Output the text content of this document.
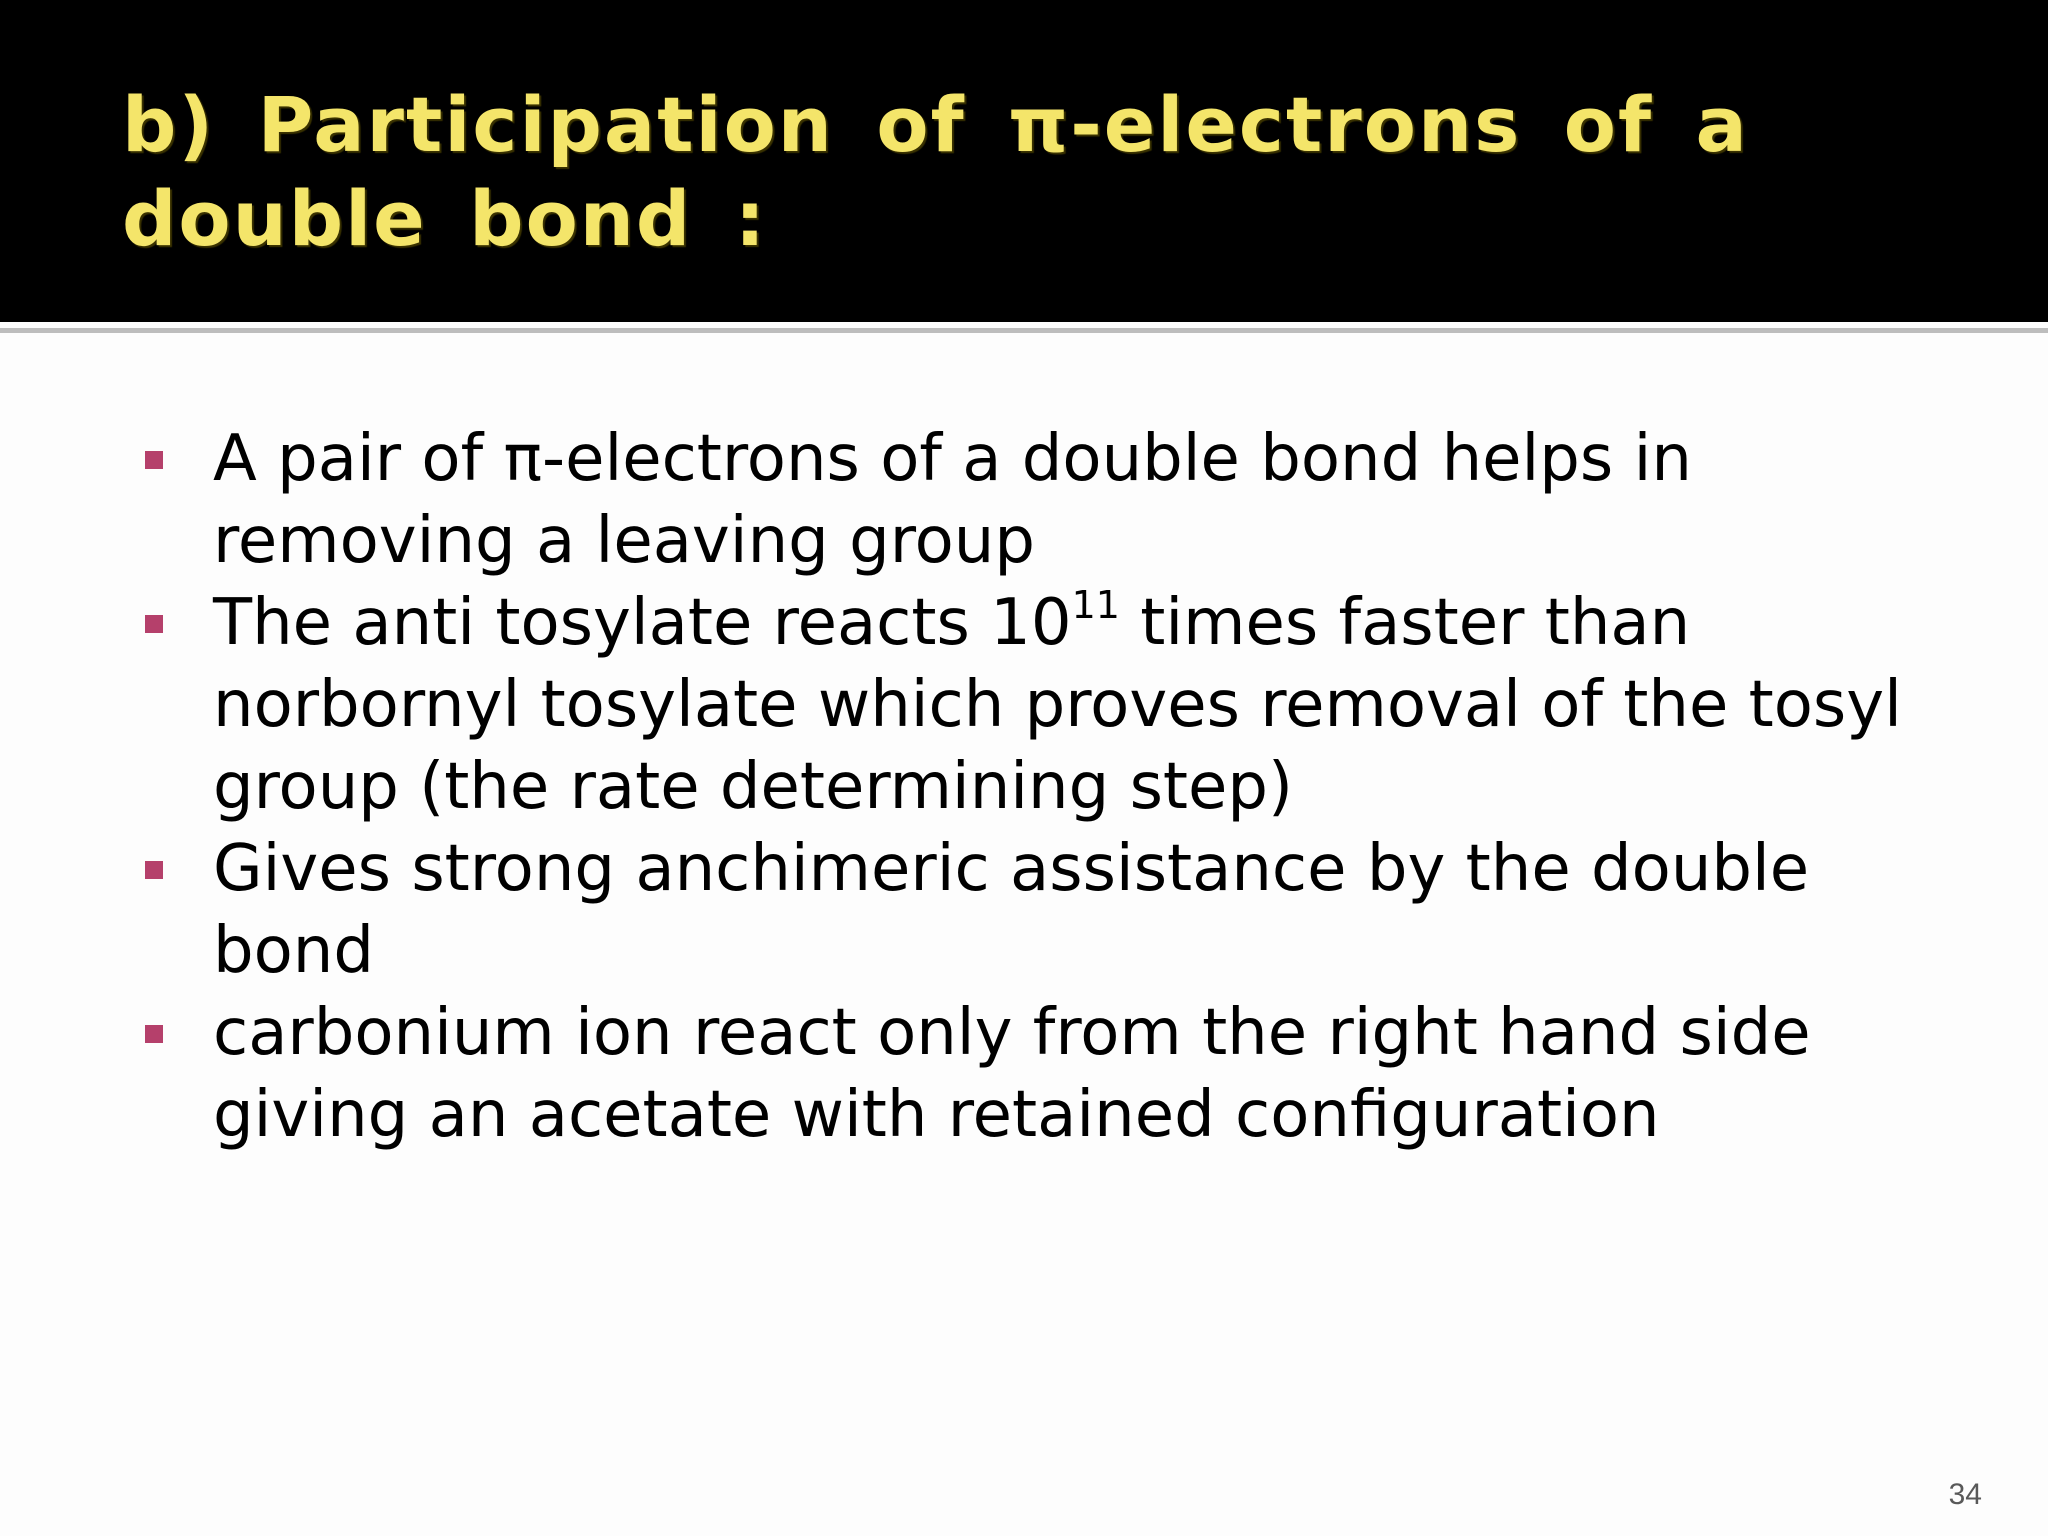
b) Participation of π-electrons of a double bond :
A pair of π-electrons of a double bond helps in removing a leaving group
The anti tosylate reacts $10^{11}$ times faster than norbornyl tosylate which proves removal of the tosyl group (the rate determining step)
Gives strong anchimeric assistance by the double bond
carbonium ion react only from the right hand side giving an acetate with retained configuration
34
